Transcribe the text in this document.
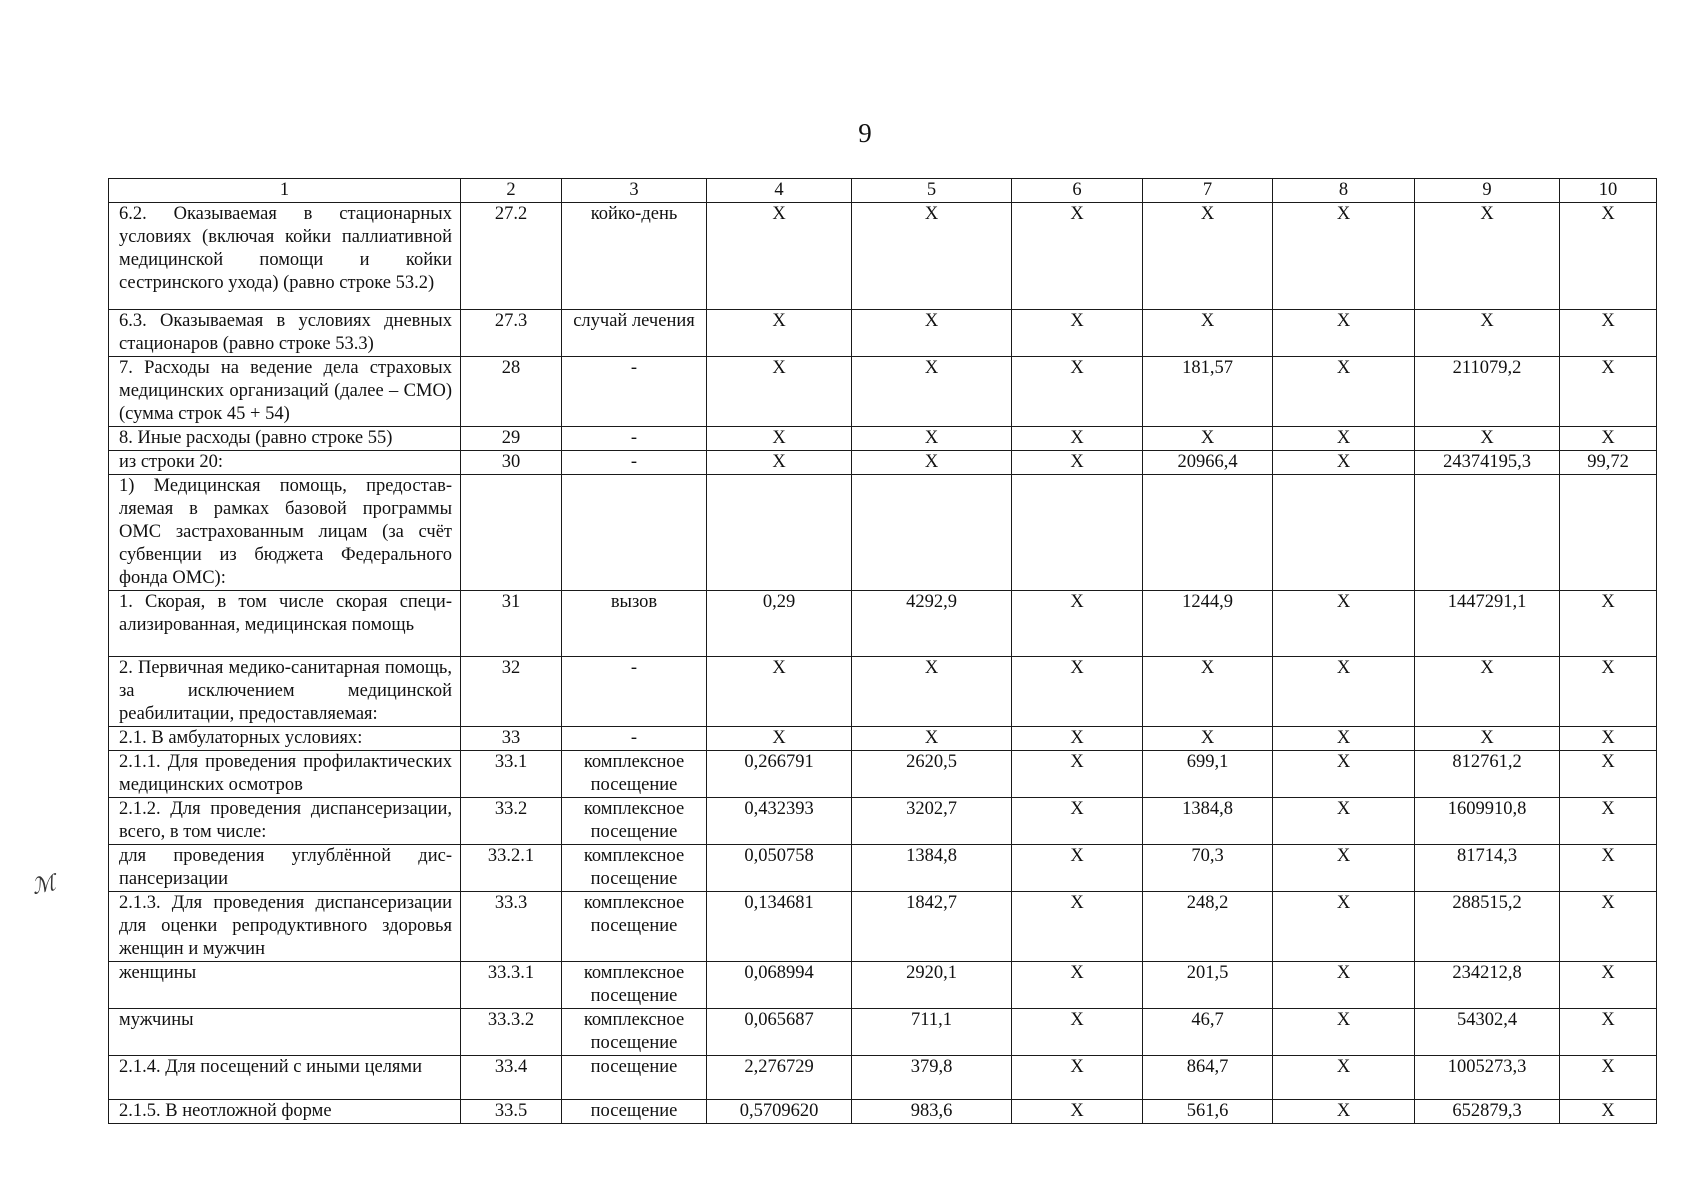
9
ℳ
1	2	3	4	5	6	7	8	9	10
6.2. Оказываемая в стационарных условиях (включая койки паллиативной медицинской помощи и койки сестринского ухода) (равно строке 53.2)	27.2	койко-день	Х	Х	Х	Х	Х	Х	Х
6.3. Оказываемая в условиях дневных стационаров (равно строке 53.3)	27.3	случай лечения	Х	Х	Х	Х	Х	Х	Х
7. Расходы на ведение дела страховых медицинских организаций (далее – СМО) (сумма строк 45 + 54)	28	-	Х	Х	Х	181,57	Х	211079,2	Х
8. Иные расходы (равно строке 55)	29	-	Х	Х	Х	Х	Х	Х	Х
из строки 20:	30	-	Х	Х	Х	20966,4	Х	24374195,3	99,72
1) Медицинская помощь, предоставляемая в рамках базовой программы ОМС застрахованным лицам (за счёт субвенции из бюджета Федерального фонда ОМС):									
1. Скорая, в том числе скорая специализированная, медицинская помощь	31	вызов	0,29	4292,9	Х	1244,9	Х	1447291,1	Х
2. Первичная медико-санитарная помощь, за исключением медицинской реабилитации, предоставляемая:	32	-	Х	Х	Х	Х	Х	Х	Х
2.1. В амбулаторных условиях:	33	-	Х	Х	Х	Х	Х	Х	Х
2.1.1. Для проведения профилактических медицинских осмотров	33.1	комплексное посещение	0,266791	2620,5	Х	699,1	Х	812761,2	Х
2.1.2. Для проведения диспансеризации, всего, в том числе:	33.2	комплексное посещение	0,432393	3202,7	Х	1384,8	Х	1609910,8	Х
для проведения углублённой диспансеризации	33.2.1	комплексное посещение	0,050758	1384,8	Х	70,3	Х	81714,3	Х
2.1.3. Для проведения диспансеризации для оценки репродуктивного здоровья женщин и мужчин	33.3	комплексное посещение	0,134681	1842,7	Х	248,2	Х	288515,2	Х
женщины	33.3.1	комплексное посещение	0,068994	2920,1	Х	201,5	Х	234212,8	Х
мужчины	33.3.2	комплексное посещение	0,065687	711,1	Х	46,7	Х	54302,4	Х
2.1.4. Для посещений с иными целями	33.4	посещение	2,276729	379,8	Х	864,7	Х	1005273,3	Х
2.1.5. В неотложной форме	33.5	посещение	0,5709620	983,6	Х	561,6	Х	652879,3	Х
